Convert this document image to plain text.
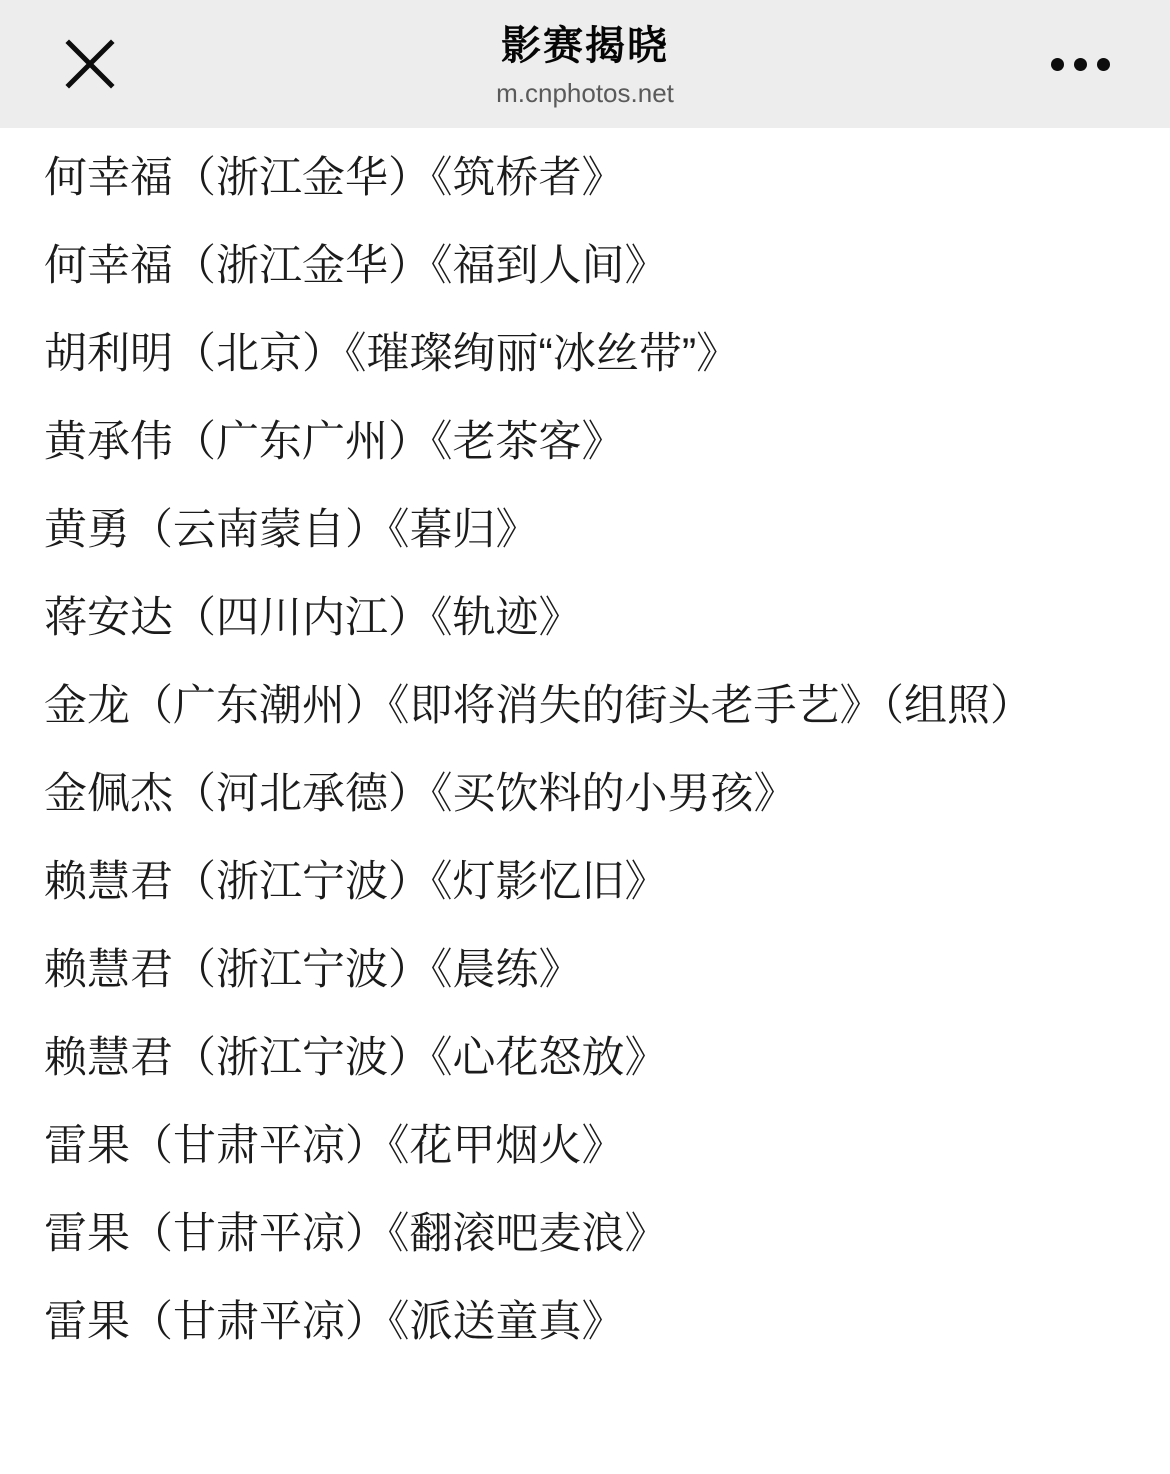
影赛揭晓
m.cnphotos.net
何幸福（浙江金华）《筑桥者》
何幸福（浙江金华）《福到人间》
胡利明（北京）《璀璨绚丽“冰丝带”》
黄承伟（广东广州）《老茶客》
黄勇（云南蒙自）《暮归》
蒋安达（四川内江）《轨迹》
金龙（广东潮州）《即将消失的街头老手艺》（组照）
金佩杰（河北承德）《买饮料的小男孩》
赖慧君（浙江宁波）《灯影忆旧》
赖慧君（浙江宁波）《晨练》
赖慧君（浙江宁波）《心花怒放》
雷果（甘肃平凉）《花甲烟火》
雷果（甘肃平凉）《翻滚吧麦浪》
雷果（甘肃平凉）《派送童真》
